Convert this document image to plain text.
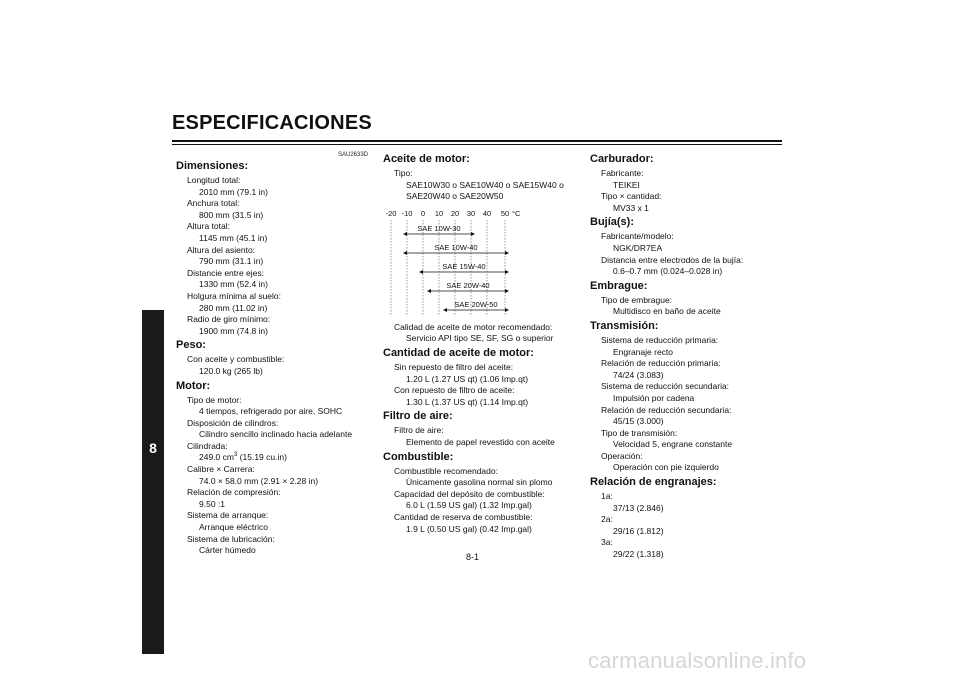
ESPECIFICACIONES
8
SAU2633D
Dimensiones:
Longitud total:
2010 mm (79.1 in)
Anchura total:
800 mm (31.5 in)
Altura total:
1145 mm (45.1 in)
Altura del asiento:
790 mm (31.1 in)
Distancie entre ejes:
1330 mm (52.4 in)
Holgura mínima al suelo:
280 mm (11.02 in)
Radio de giro mínimo:
1900 mm (74.8 in)
Peso:
Con aceite y combustible:
120.0 kg (265 lb)
Motor:
Tipo de motor:
4 tiempos, refrigerado por aire, SOHC
Disposición de cilindros:
Cilindro sencillo inclinado hacia adelante
Cilindrada:
249.0 $cm^3$ (15.19 cu.in)
Calibre × Carrera:
74.0 × 58.0 mm (2.91 × 2.28 in)
Relación de compresión:
9.50 :1
Sistema de arranque:
Arranque eléctrico
Sistema de lubricación:
Cárter húmedo
Aceite de motor:
Tipo:
SAE10W30 o SAE10W40 o SAE15W40 o
SAE20W40 o SAE20W50
-20 -10 0 10 20 30 40 50 °C
SAE 10W-30
SAE 10W-40
SAE 15W-40
SAE 20W-40
SAE 20W-50
Calidad de aceite de motor recomendado:
Servicio API tipo SE, SF, SG o superior
Cantidad de aceite de motor:
Sin repuesto de filtro del aceite:
1.20 L (1.27 US qt) (1.06 Imp.qt)
Con repuesto de filtro de aceite:
1.30 L (1.37 US qt) (1.14 Imp.qt)
Filtro de aire:
Filtro de aire:
Elemento de papel revestido con aceite
Combustible:
Combustible recomendado:
Únicamente gasolina normal sin plomo
Capacidad del depósito de combustible:
6.0 L (1.59 US gal) (1.32 Imp.gal)
Cantidad de reserva de combustible:
1.9 L (0.50 US gal) (0.42 Imp.gal)
Carburador:
Fabricante:
TEIKEI
Tipo × cantidad:
MV33 x 1
Bujía(s):
Fabricante/modelo:
NGK/DR7EA
Distancia entre electrodos de la bujía:
0.6–0.7 mm (0.024–0.028 in)
Embrague:
Tipo de embrague:
Multidisco en baño de aceite
Transmisión:
Sistema de reducción primaria:
Engranaje recto
Relación de reducción primaria:
74/24 (3.083)
Sistema de reducción secundaria:
Impulsión por cadena
Relación de reducción secundaria:
45/15 (3.000)
Tipo de transmisión:
Velocidad 5, engrane constante
Operación:
Operación con pie izquierdo
Relación de engranajes:
1a:
37/13 (2.846)
2a:
29/16 (1.812)
3a:
29/22 (1.318)
8-1
carmanualsonline.info
